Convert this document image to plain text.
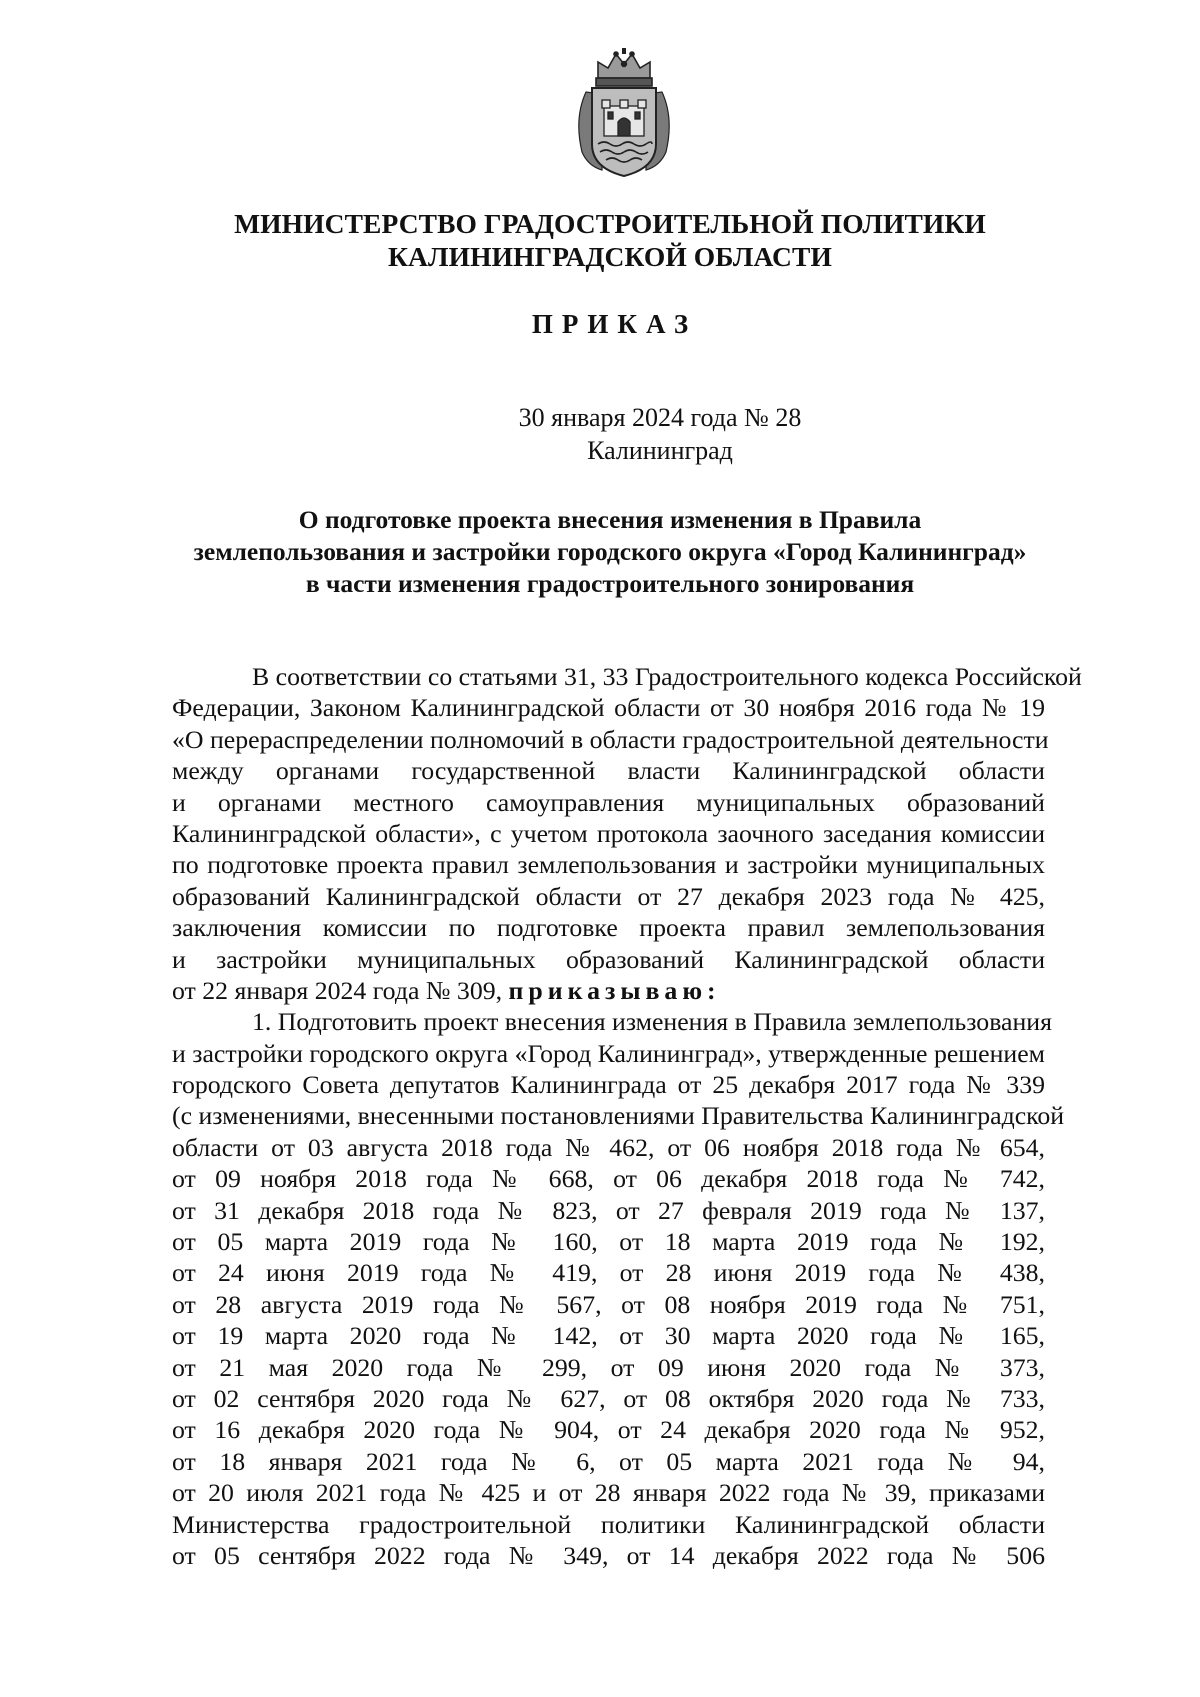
МИНИСТЕРСТВО ГРАДОСТРОИТЕЛЬНОЙ ПОЛИТИКИ
КАЛИНИНГРАДСКОЙ ОБЛАСТИ
ПРИКАЗ
30 января 2024 года № 28
Калининград
О подготовке проекта внесения изменения в Правила
землепользования и застройки городского округа «Город Калининград»
в части изменения градостроительного зонирования
В соответствии со статьями 31, 33 Градостроительного кодекса Российской
Федерации, Законом Калининградской области от 30 ноября 2016 года № 19
«О перераспределении полномочий в области градостроительной деятельности
между органами государственной власти Калининградской области
и органами местного самоуправления муниципальных образований
Калининградской области», с учетом протокола заочного заседания комиссии
по подготовке проекта правил землепользования и застройки муниципальных
образований Калининградской области от 27 декабря 2023 года № 425,
заключения комиссии по подготовке проекта правил землепользования
и застройки муниципальных образований Калининградской области
от 22 января 2024 года № 309, приказываю:
1. Подготовить проект внесения изменения в Правила землепользования
и застройки городского округа «Город Калининград», утвержденные решением
городского Совета депутатов Калининграда от 25 декабря 2017 года № 339
(с изменениями, внесенными постановлениями Правительства Калининградской
области от 03 августа 2018 года № 462, от 06 ноября 2018 года № 654,
от 09 ноября 2018 года № 668, от 06 декабря 2018 года № 742,
от 31 декабря 2018 года № 823, от 27 февраля 2019 года № 137,
от 05 марта 2019 года № 160, от 18 марта 2019 года № 192,
от 24 июня 2019 года № 419, от 28 июня 2019 года № 438,
от 28 августа 2019 года № 567, от 08 ноября 2019 года № 751,
от 19 марта 2020 года № 142, от 30 марта 2020 года № 165,
от 21 мая 2020 года № 299, от 09 июня 2020 года № 373,
от 02 сентября 2020 года № 627, от 08 октября 2020 года № 733,
от 16 декабря 2020 года № 904, от 24 декабря 2020 года № 952,
от 18 января 2021 года № 6, от 05 марта 2021 года № 94,
от 20 июля 2021 года № 425 и от 28 января 2022 года № 39, приказами
Министерства градостроительной политики Калининградской области
от 05 сентября 2022 года № 349, от 14 декабря 2022 года № 506
